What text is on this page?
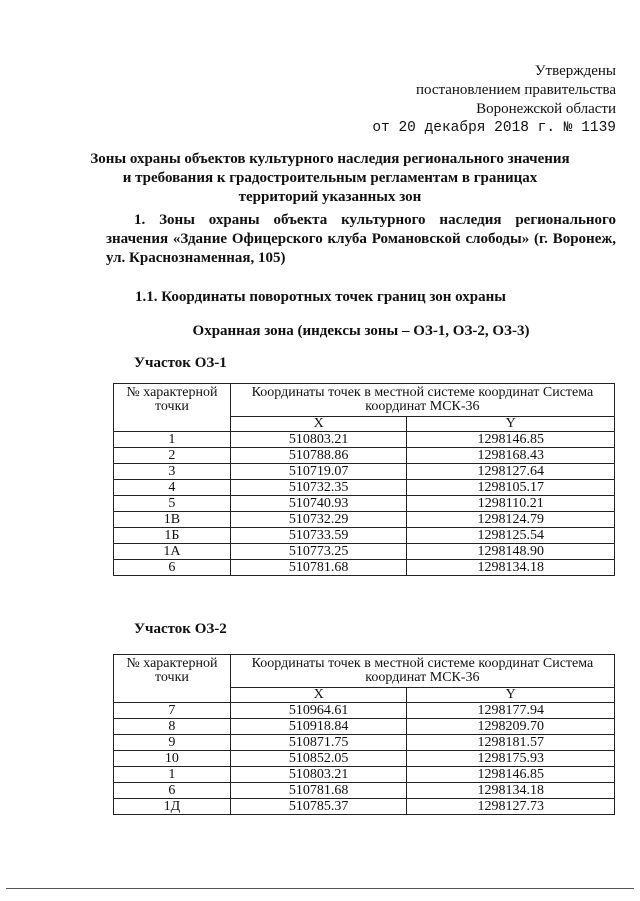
Утверждены
постановлением правительства
Воронежской области
от 20 декабря 2018 г. № 1139
Зоны охраны объектов культурного наследия регионального значения и требования к градостроительным регламентам в границах территорий указанных зон
1. Зоны охраны объекта культурного наследия регионального значения «Здание Офицерского клуба Романовской слободы» (г. Воронеж, ул. Краснознаменная, 105)
1.1. Координаты поворотных точек границ зон охраны
Охранная зона (индексы зоны – ОЗ-1, ОЗ-2, ОЗ-3)
Участок ОЗ-1
№ характерной точки	Координаты точек в местной системе координат Система координат МСК-36	
	X	Y
1	510803.21	1298146.85
2	510788.86	1298168.43
3	510719.07	1298127.64
4	510732.35	1298105.17
5	510740.93	1298110.21
1В	510732.29	1298124.79
1Б	510733.59	1298125.54
1А	510773.25	1298148.90
6	510781.68	1298134.18
Участок ОЗ-2
№ характерной точки	Координаты точек в местной системе координат Система координат МСК-36	
	X	Y
7	510964.61	1298177.94
8	510918.84	1298209.70
9	510871.75	1298181.57
10	510852.05	1298175.93
1	510803.21	1298146.85
6	510781.68	1298134.18
1Д	510785.37	1298127.73
